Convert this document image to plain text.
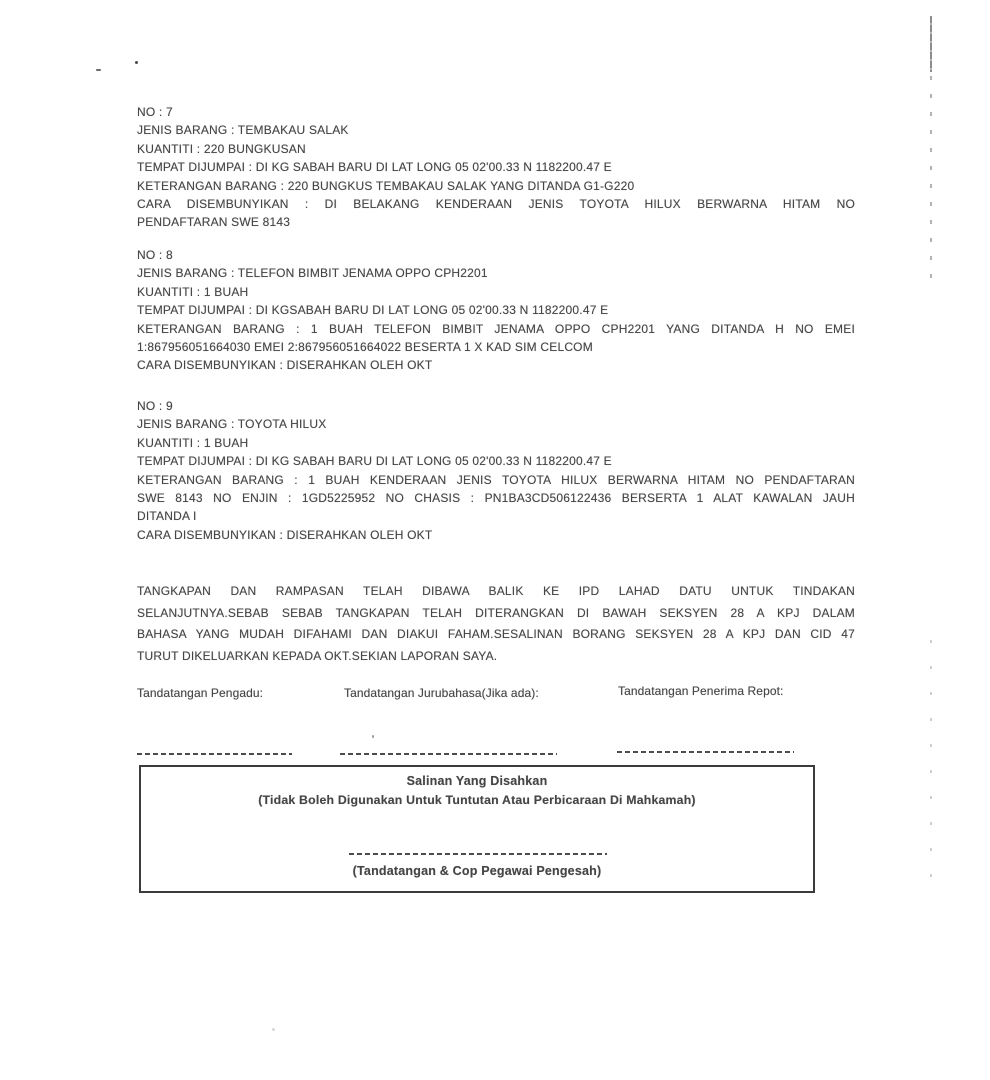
NO : 7
JENIS BARANG : TEMBAKAU SALAK
KUANTITI : 220 BUNGKUSAN
TEMPAT DIJUMPAI : DI KG SABAH BARU DI LAT LONG 05 02'00.33 N 1182200.47 E
KETERANGAN BARANG : 220 BUNGKUS TEMBAKAU SALAK YANG DITANDA G1-G220
CARA DISEMBUNYIKAN : DI BELAKANG KENDERAAN JENIS TOYOTA HILUX BERWARNA HITAM NO
PENDAFTARAN SWE 8143
NO : 8
JENIS BARANG : TELEFON BIMBIT JENAMA OPPO CPH2201
KUANTITI : 1 BUAH
TEMPAT DIJUMPAI : DI KGSABAH BARU DI LAT LONG 05 02'00.33 N 1182200.47 E
KETERANGAN BARANG : 1 BUAH TELEFON BIMBIT JENAMA OPPO CPH2201 YANG DITANDA H NO EMEI
1:867956051664030 EMEI 2:867956051664022 BESERTA 1 X KAD SIM CELCOM
CARA DISEMBUNYIKAN : DISERAHKAN OLEH OKT
NO : 9
JENIS BARANG : TOYOTA HILUX
KUANTITI : 1 BUAH
TEMPAT DIJUMPAI : DI KG SABAH BARU DI LAT LONG 05 02'00.33 N 1182200.47 E
KETERANGAN BARANG : 1 BUAH KENDERAAN JENIS TOYOTA HILUX BERWARNA HITAM NO PENDAFTARAN
SWE 8143 NO ENJIN : 1GD5225952 NO CHASIS : PN1BA3CD506122436 BERSERTA 1 ALAT KAWALAN JAUH
DITANDA I
CARA DISEMBUNYIKAN : DISERAHKAN OLEH OKT
TANGKAPAN DAN RAMPASAN TELAH DIBAWA BALIK KE IPD LAHAD DATU UNTUK TINDAKAN
SELANJUTNYA.SEBAB SEBAB TANGKAPAN TELAH DITERANGKAN DI BAWAH SEKSYEN 28 A KPJ DALAM
BAHASA YANG MUDAH DIFAHAMI DAN DIAKUI FAHAM.SESALINAN BORANG SEKSYEN 28 A KPJ DAN CID 47
TURUT DIKELUARKAN KEPADA OKT.SEKIAN LAPORAN SAYA.
Tandatangan Pengadu:	Tandatangan Jurubahasa(Jika ada):	Tandatangan Penerima Repot:
Salinan Yang Disahkan
(Tidak Boleh Digunakan Untuk Tuntutan Atau Perbicaraan Di Mahkamah)
(Tandatangan & Cop Pegawai Pengesah)
